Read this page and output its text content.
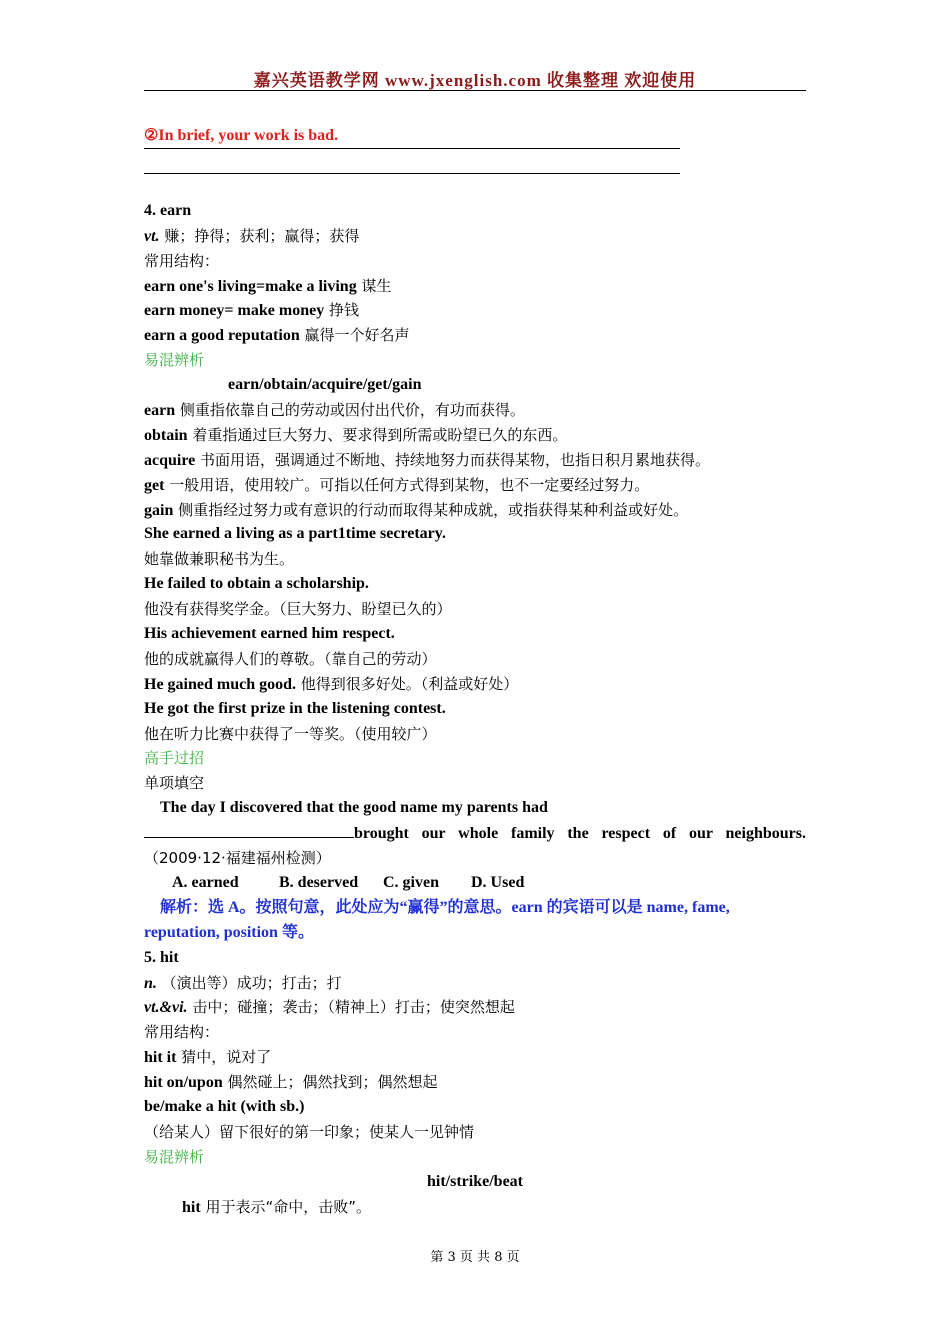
嘉兴英语教学网 www.jxenglish.com 收集整理 欢迎使用
②In brief, your work is bad.
4. earn
vt. 赚；挣得；获利；赢得；获得
常用结构：
earn one's living=make a living 谋生
earn money= make money 挣钱
earn a good reputation 赢得一个好名声
易混辨析
earn/obtain/acquire/get/gain
earn 侧重指依靠自己的劳动或因付出代价，有功而获得。
obtain 着重指通过巨大努力、要求得到所需或盼望已久的东西。
acquire 书面用语，强调通过不断地、持续地努力而获得某物，也指日积月累地获得。
get 一般用语，使用较广。可指以任何方式得到某物，也不一定要经过努力。
gain 侧重指经过努力或有意识的行动而取得某种成就，或指获得某种利益或好处。
She earned a living as a part1time secretary.
她靠做兼职秘书为生。
He failed to obtain a scholarship.
他没有获得奖学金。（巨大努力、盼望已久的）
His achievement earned him respect.
他的成就赢得人们的尊敬。（靠自己的劳动）
He gained much good. 他得到很多好处。（利益或好处）
He got the first prize in the listening contest.
他在听力比赛中获得了一等奖。（使用较广）
高手过招
单项填空
The day I discovered that the good name my parents had
brought our whole family the respect of our neighbours.
（2009·12·福建福州检测）
A. earned	B. deserved C. given D. Used
解析：选 A。按照句意，此处应为“赢得”的意思。earn 的宾语可以是 name, fame,
reputation, position 等。
5. hit
n. （演出等）成功；打击；打
vt.&vi. 击中；碰撞；袭击；（精神上）打击；使突然想起
常用结构：
hit it 猜中，说对了
hit on/upon 偶然碰上；偶然找到；偶然想起
be/make a hit (with sb.)
（给某人）留下很好的第一印象；使某人一见钟情
易混辨析
hit/strike/beat
hit 用于表示“命中，击败”。
第 3 页 共 8 页
